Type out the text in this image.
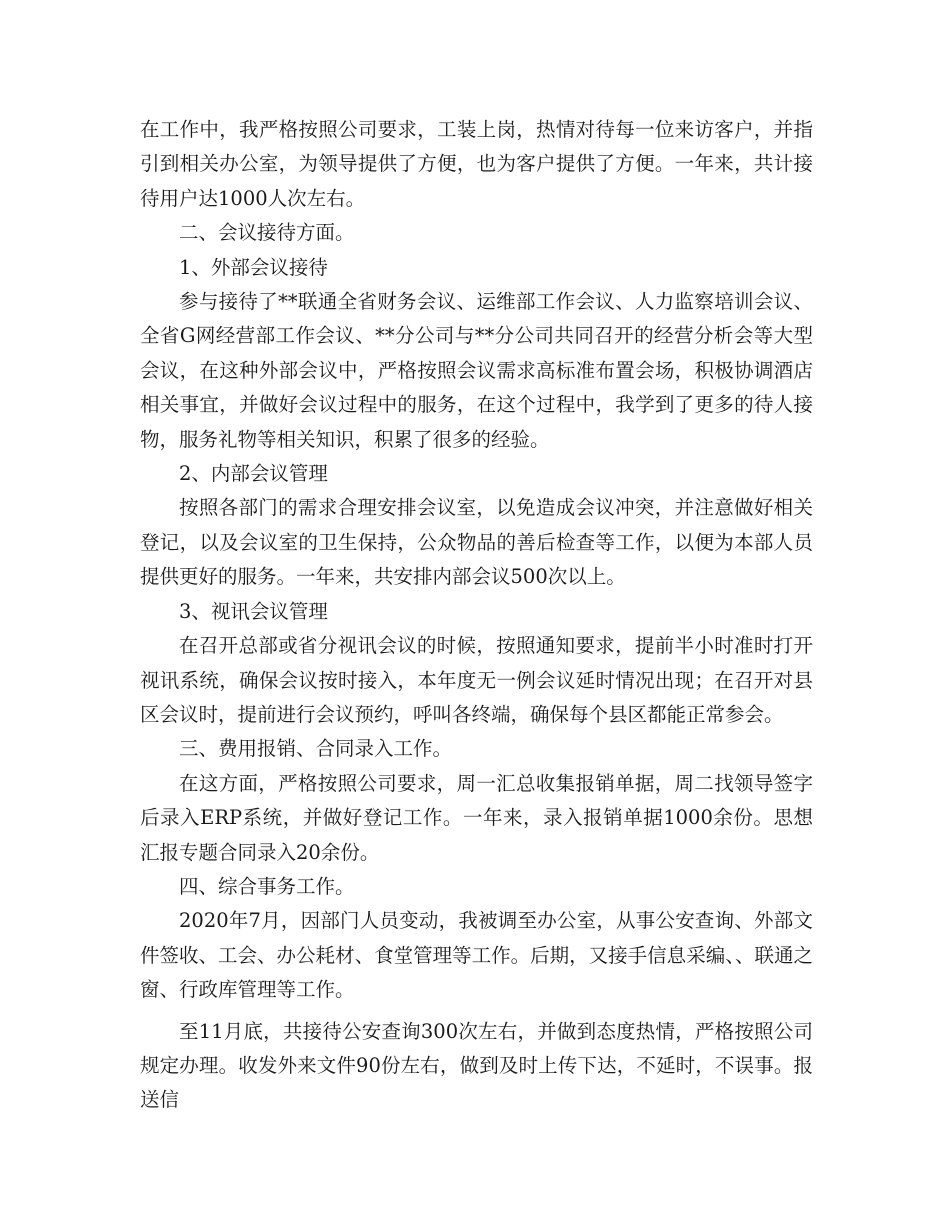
在工作中，我严格按照公司要求，工装上岗，热情对待每一位来访客户，并指引到相关办公室，为领导提供了方便，也为客户提供了方便。一年来，共计接待用户达1000人次左右。

二、会议接待方面。

1、外部会议接待

参与接待了**联通全省财务会议、运维部工作会议、人力监察培训会议、全省G网经营部工作会议、**分公司与**分公司共同召开的经营分析会等大型会议，在这种外部会议中，严格按照会议需求高标准布置会场，积极协调酒店相关事宜，并做好会议过程中的服务，在这个过程中，我学到了更多的待人接物，服务礼物等相关知识，积累了很多的经验。

2、内部会议管理

按照各部门的需求合理安排会议室，以免造成会议冲突，并注意做好相关登记，以及会议室的卫生保持，公众物品的善后检查等工作，以便为本部人员提供更好的服务。一年来，共安排内部会议500次以上。

3、视讯会议管理

在召开总部或省分视讯会议的时候，按照通知要求，提前半小时准时打开视讯系统，确保会议按时接入，本年度无一例会议延时情况出现；在召开对县区会议时，提前进行会议预约，呼叫各终端，确保每个县区都能正常参会。

三、费用报销、合同录入工作。

在这方面，严格按照公司要求，周一汇总收集报销单据，周二找领导签字后录入ERP系统，并做好登记工作。一年来，录入报销单据1000余份。思想汇报专题合同录入20余份。

四、综合事务工作。

2020年7月，因部门人员变动，我被调至办公室，从事公安查询、外部文件签收、工会、办公耗材、食堂管理等工作。后期，又接手信息采编、、联通之窗、行政库管理等工作。

至11月底，共接待公安查询300次左右，并做到态度热情，严格按照公司规定办理。收发外来文件90份左右，做到及时上传下达，不延时，不误事。报送信
